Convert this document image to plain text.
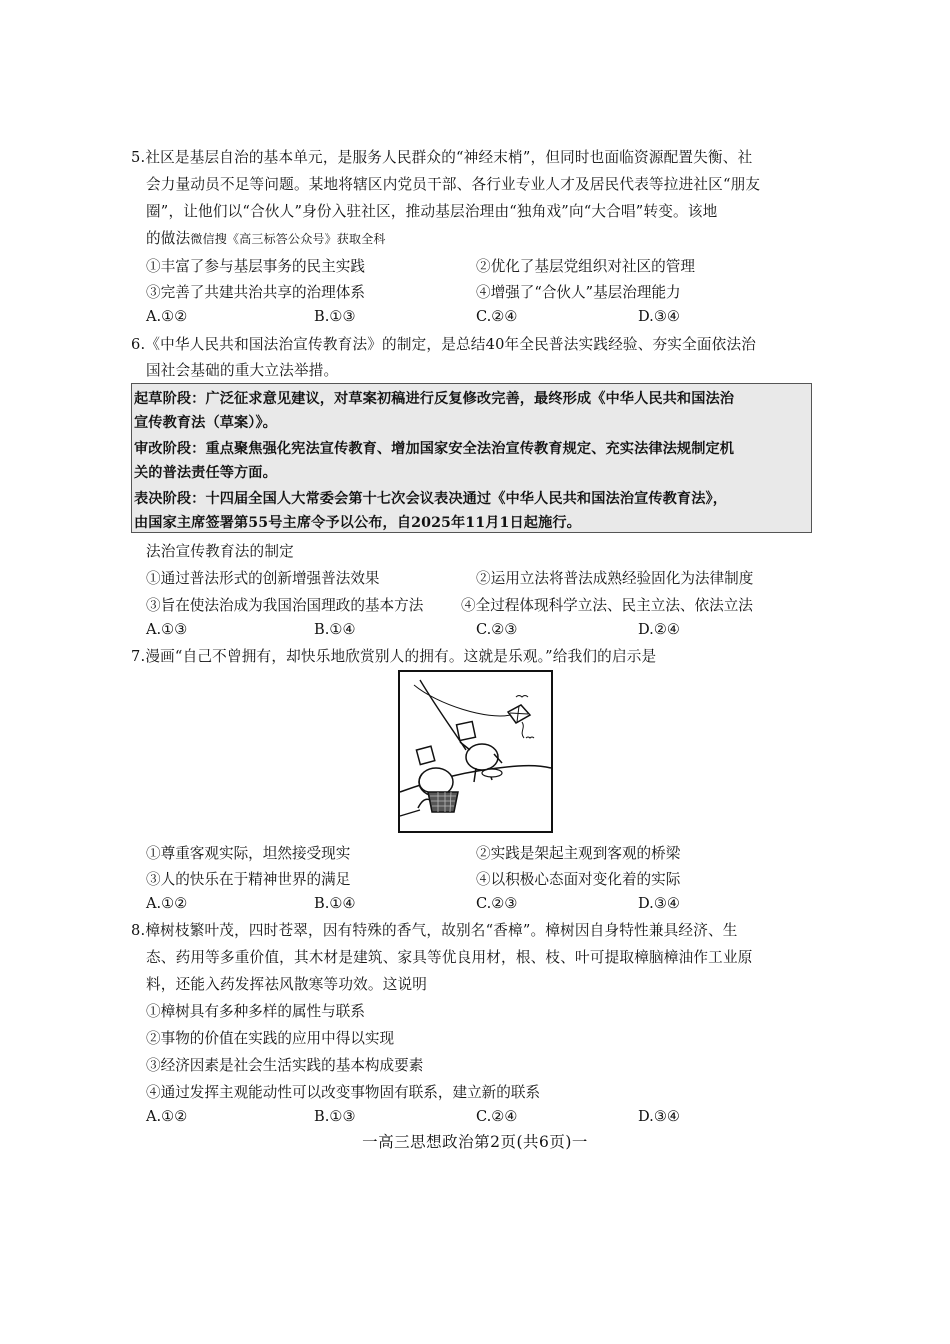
5.社区是基层自治的基本单元，是服务人民群众的“神经末梢”，但同时也面临资源配置失衡、社
会力量动员不足等问题。某地将辖区内党员干部、各行业专业人才及居民代表等拉进社区“朋友
圈”，让他们以“合伙人”身份入驻社区，推动基层治理由“独角戏”向“大合唱”转变。该地
的做法微信搜《高三标答公众号》获取全科
①丰富了参与基层事务的民主实践	②优化了基层党组织对社区的管理
③完善了共建共治共享的治理体系	④增强了“合伙人”基层治理能力
A.①②	B.①③	C.②④	D.③④
6.《中华人民共和国法治宣传教育法》的制定，是总结40年全民普法实践经验、夯实全面依法治
国社会基础的重大立法举措。
起草阶段：广泛征求意见建议，对草案初稿进行反复修改完善，最终形成《中华人民共和国法治
宣传教育法（草案）》。
审改阶段：重点聚焦强化宪法宣传教育、增加国家安全法治宣传教育规定、充实法律法规制定机
关的普法责任等方面。
表决阶段：十四届全国人大常委会第十七次会议表决通过《中华人民共和国法治宣传教育法》，
由国家主席签署第55号主席令予以公布，自2025年11月1日起施行。
法治宣传教育法的制定
①通过普法形式的创新增强普法效果	②运用立法将普法成熟经验固化为法律制度
③旨在使法治成为我国治国理政的基本方法	④全过程体现科学立法、民主立法、依法立法
A.①③	B.①④	C.②③	D.②④
7.漫画“自己不曾拥有，却快乐地欣赏别人的拥有。这就是乐观。”给我们的启示是
①尊重客观实际，坦然接受现实	②实践是架起主观到客观的桥梁
③人的快乐在于精神世界的满足	④以积极心态面对变化着的实际
A.①②	B.①④	C.②③	D.③④
8.樟树枝繁叶茂，四时苍翠，因有特殊的香气，故别名“香樟”。樟树因自身特性兼具经济、生
态、药用等多重价值，其木材是建筑、家具等优良用材，根、枝、叶可提取樟脑樟油作工业原
料，还能入药发挥祛风散寒等功效。这说明
①樟树具有多种多样的属性与联系
②事物的价值在实践的应用中得以实现
③经济因素是社会生活实践的基本构成要素
④通过发挥主观能动性可以改变事物固有联系，建立新的联系
A.①②	B.①③	C.②④	D.③④
一高三思想政治第2页(共6页)一
